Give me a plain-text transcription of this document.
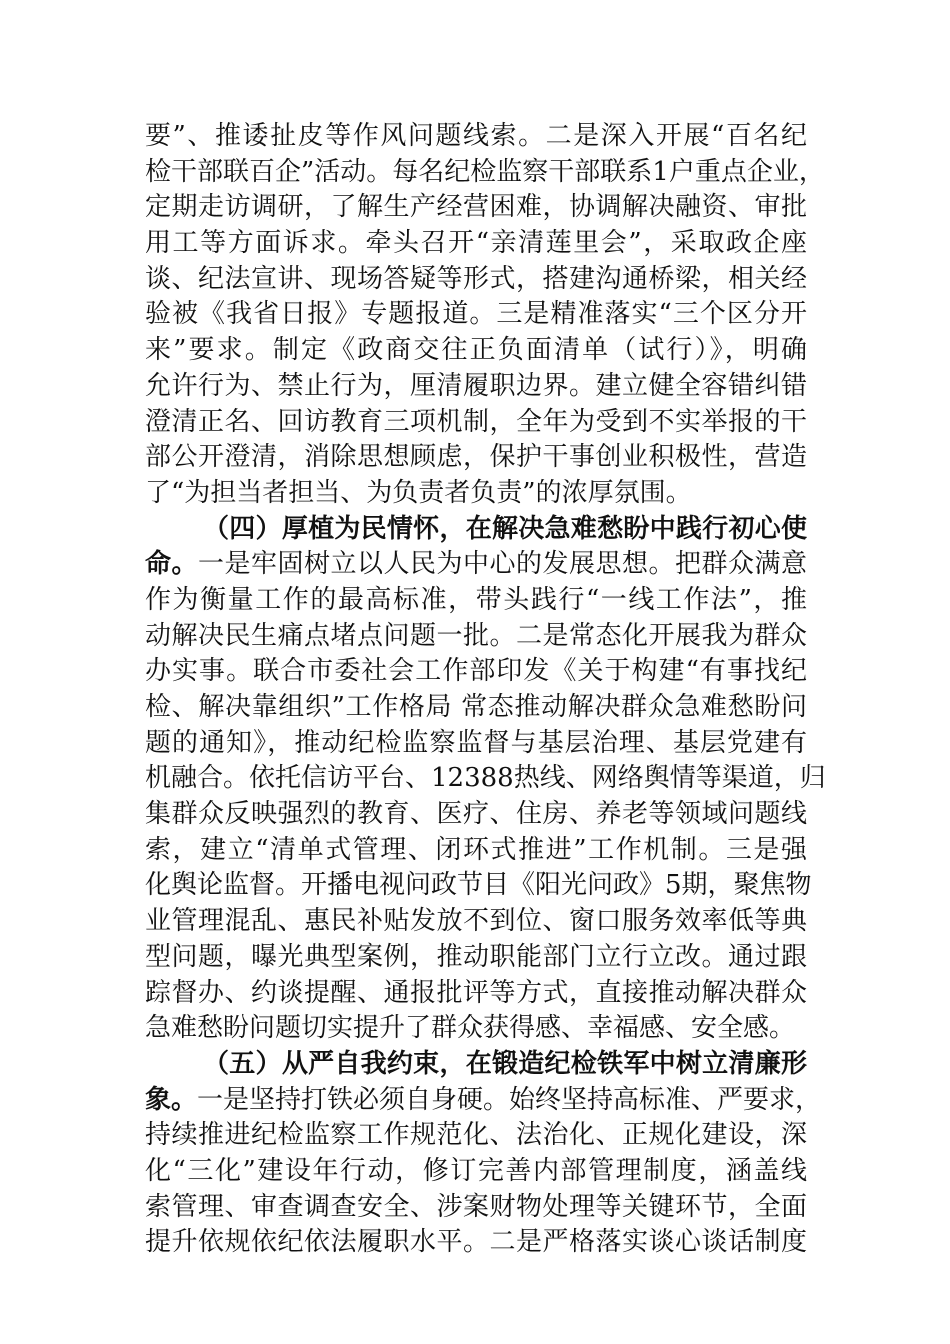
要”、推诿扯皮等作风问题线索。二是深入开展“百名纪
检干部联百企”活动。每名纪检监察干部联系1户重点企业，
定期走访调研，了解生产经营困难，协调解决融资、审批
用工等方面诉求。牵头召开“亲清莲里会”，采取政企座
谈、纪法宣讲、现场答疑等形式，搭建沟通桥梁，相关经
验被《我省日报》专题报道。三是精准落实“三个区分开
来”要求。制定《政商交往正负面清单（试行）》，明确
允许行为、禁止行为，厘清履职边界。建立健全容错纠错
澄清正名、回访教育三项机制，全年为受到不实举报的干
部公开澄清，消除思想顾虑，保护干事创业积极性，营造
了“为担当者担当、为负责者负责”的浓厚氛围。
（四）厚植为民情怀，在解决急难愁盼中践行初心使
命。一是牢固树立以人民为中心的发展思想。把群众满意
作为衡量工作的最高标准，带头践行“一线工作法”，推
动解决民生痛点堵点问题一批。二是常态化开展我为群众
办实事。联合市委社会工作部印发《关于构建“有事找纪
检、解决靠组织”工作格局 常态推动解决群众急难愁盼问
题的通知》，推动纪检监察监督与基层治理、基层党建有
机融合。依托信访平台、12388热线、网络舆情等渠道，归
集群众反映强烈的教育、医疗、住房、养老等领域问题线
索，建立“清单式管理、闭环式推进”工作机制。三是强
化舆论监督。开播电视问政节目《阳光问政》5期，聚焦物
业管理混乱、惠民补贴发放不到位、窗口服务效率低等典
型问题，曝光典型案例，推动职能部门立行立改。通过跟
踪督办、约谈提醒、通报批评等方式，直接推动解决群众
急难愁盼问题切实提升了群众获得感、幸福感、安全感。
（五）从严自我约束，在锻造纪检铁军中树立清廉形
象。一是坚持打铁必须自身硬。始终坚持高标准、严要求，
持续推进纪检监察工作规范化、法治化、正规化建设，深
化“三化”建设年行动，修订完善内部管理制度，涵盖线
索管理、审查调查安全、涉案财物处理等关键环节，全面
提升依规依纪依法履职水平。二是严格落实谈心谈话制度
